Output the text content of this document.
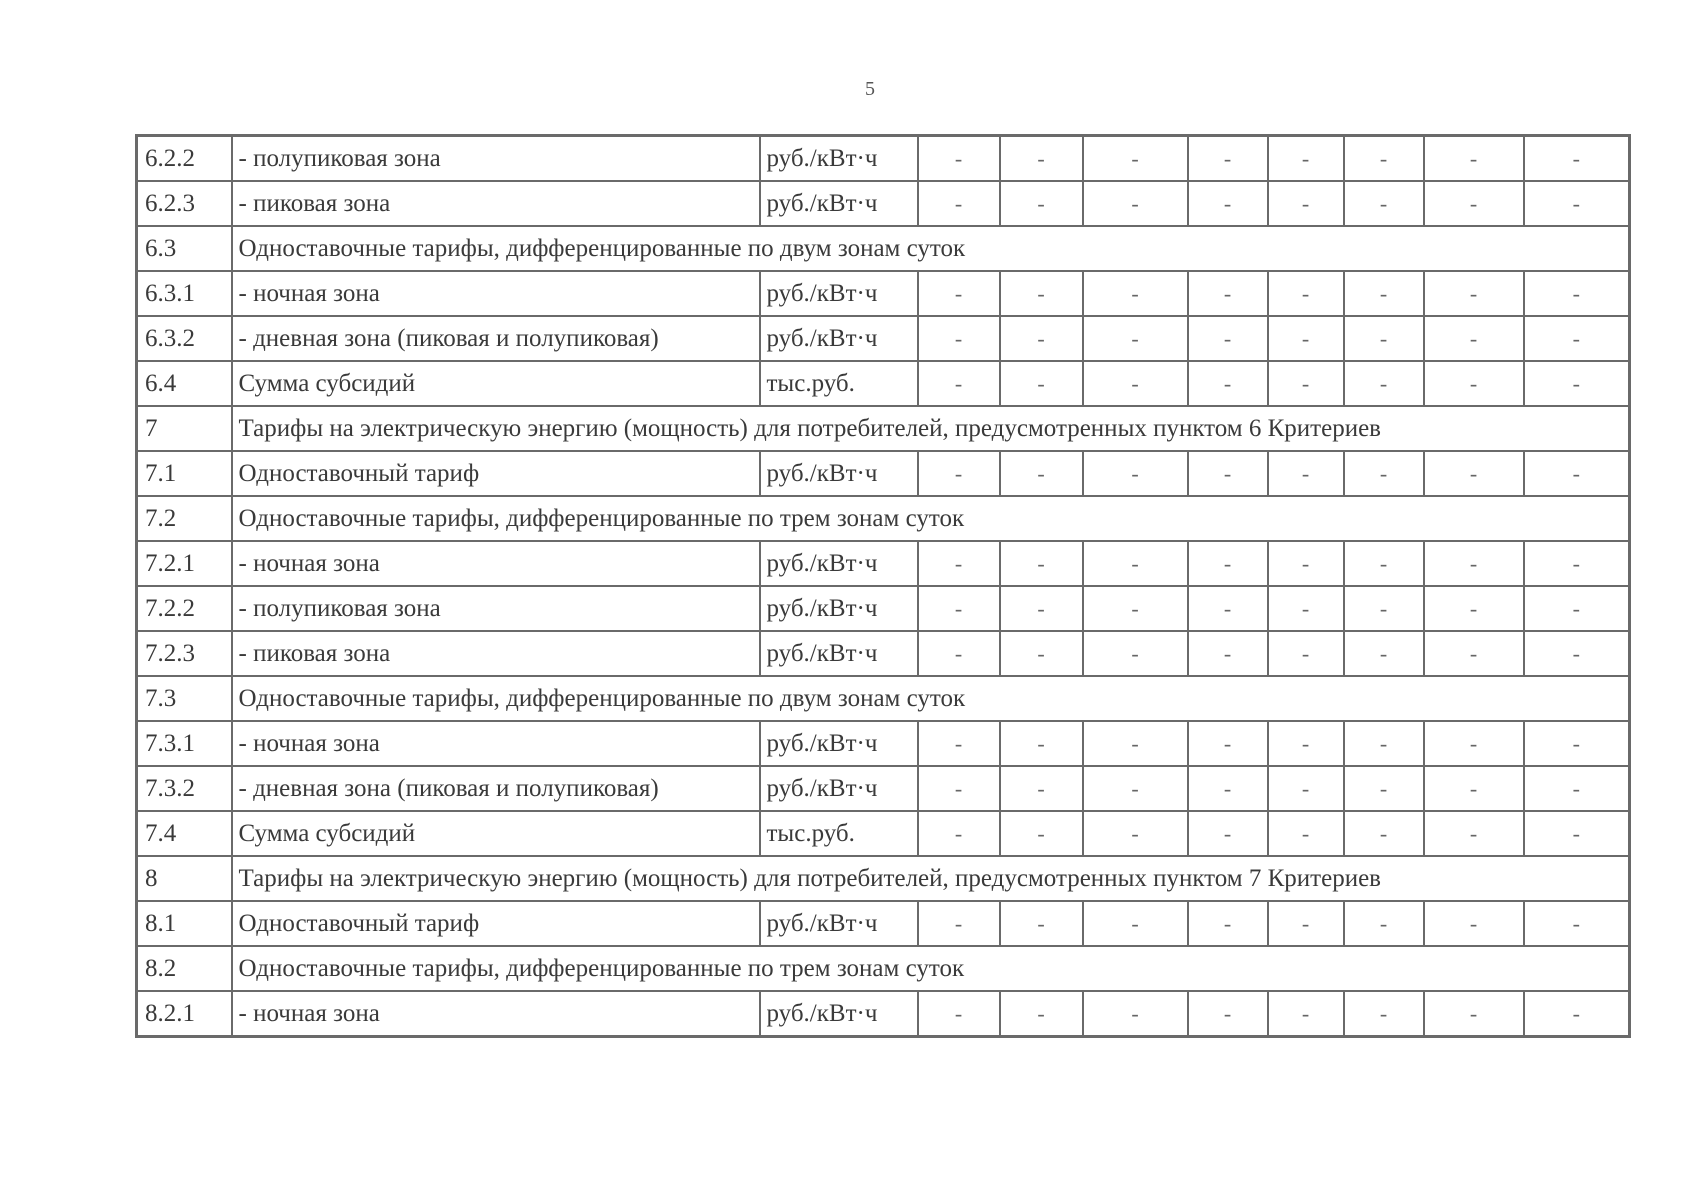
5
6.2.2	- полупиковая зона	руб./кВт·ч	-	-	-	-	-	-	-	-
6.2.3	- пиковая зона	руб./кВт·ч	-	-	-	-	-	-	-	-
6.3	Одноставочные тарифы, дифференцированные по двум зонам суток									
6.3.1	- ночная зона	руб./кВт·ч	-	-	-	-	-	-	-	-
6.3.2	- дневная зона (пиковая и полупиковая)	руб./кВт·ч	-	-	-	-	-	-	-	-
6.4	Сумма субсидий	тыс.руб.	-	-	-	-	-	-	-	-
7	Тарифы на электрическую энергию (мощность) для потребителей, предусмотренных пунктом 6 Критериев									
7.1	Одноставочный тариф	руб./кВт·ч	-	-	-	-	-	-	-	-
7.2	Одноставочные тарифы, дифференцированные по трем зонам суток									
7.2.1	- ночная зона	руб./кВт·ч	-	-	-	-	-	-	-	-
7.2.2	- полупиковая зона	руб./кВт·ч	-	-	-	-	-	-	-	-
7.2.3	- пиковая зона	руб./кВт·ч	-	-	-	-	-	-	-	-
7.3	Одноставочные тарифы, дифференцированные по двум зонам суток									
7.3.1	- ночная зона	руб./кВт·ч	-	-	-	-	-	-	-	-
7.3.2	- дневная зона (пиковая и полупиковая)	руб./кВт·ч	-	-	-	-	-	-	-	-
7.4	Сумма субсидий	тыс.руб.	-	-	-	-	-	-	-	-
8	Тарифы на электрическую энергию (мощность) для потребителей, предусмотренных пунктом 7 Критериев									
8.1	Одноставочный тариф	руб./кВт·ч	-	-	-	-	-	-	-	-
8.2	Одноставочные тарифы, дифференцированные по трем зонам суток									
8.2.1	- ночная зона	руб./кВт·ч	-	-	-	-	-	-	-	-
